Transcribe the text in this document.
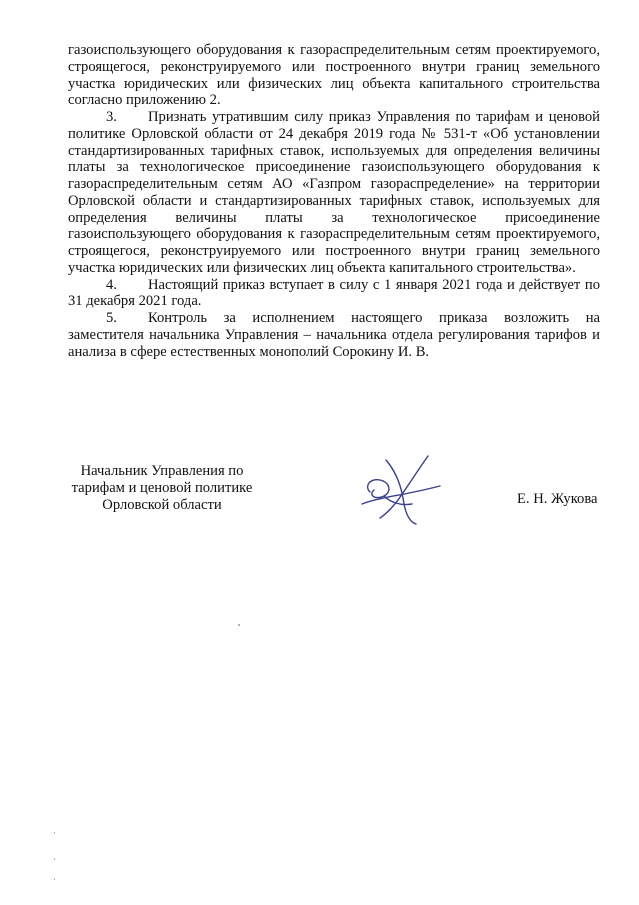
газоиспользующего оборудования к газораспределительным сетям проектируемого, строящегося, реконструируемого или построенного внутри границ земельного участка юридических или физических лиц объекта капитального строительства согласно приложению 2.

3. Признать утратившим силу приказ Управления по тарифам и ценовой политике Орловской области от 24 декабря 2019 года № 531-т «Об установлении стандартизированных тарифных ставок, используемых для определения величины платы за технологическое присоединение газоиспользующего оборудования к газораспределительным сетям АО «Газпром газораспределение» на территории Орловской области и стандартизированных тарифных ставок, используемых для определения величины платы за технологическое присоединение газоиспользующего оборудования к газораспределительным сетям проектируемого, строящегося, реконструируемого или построенного внутри границ земельного участка юридических или физических лиц объекта капитального строительства».

4. Настоящий приказ вступает в силу с 1 января 2021 года и действует по 31 декабря 2021 года.

5. Контроль за исполнением настоящего приказа возложить на заместителя начальника Управления – начальника отдела регулирования тарифов и анализа в сфере естественных монополий Сорокину И. В.

Начальник Управления по
тарифам и ценовой политике
Орловской области	Е. Н. Жукова
